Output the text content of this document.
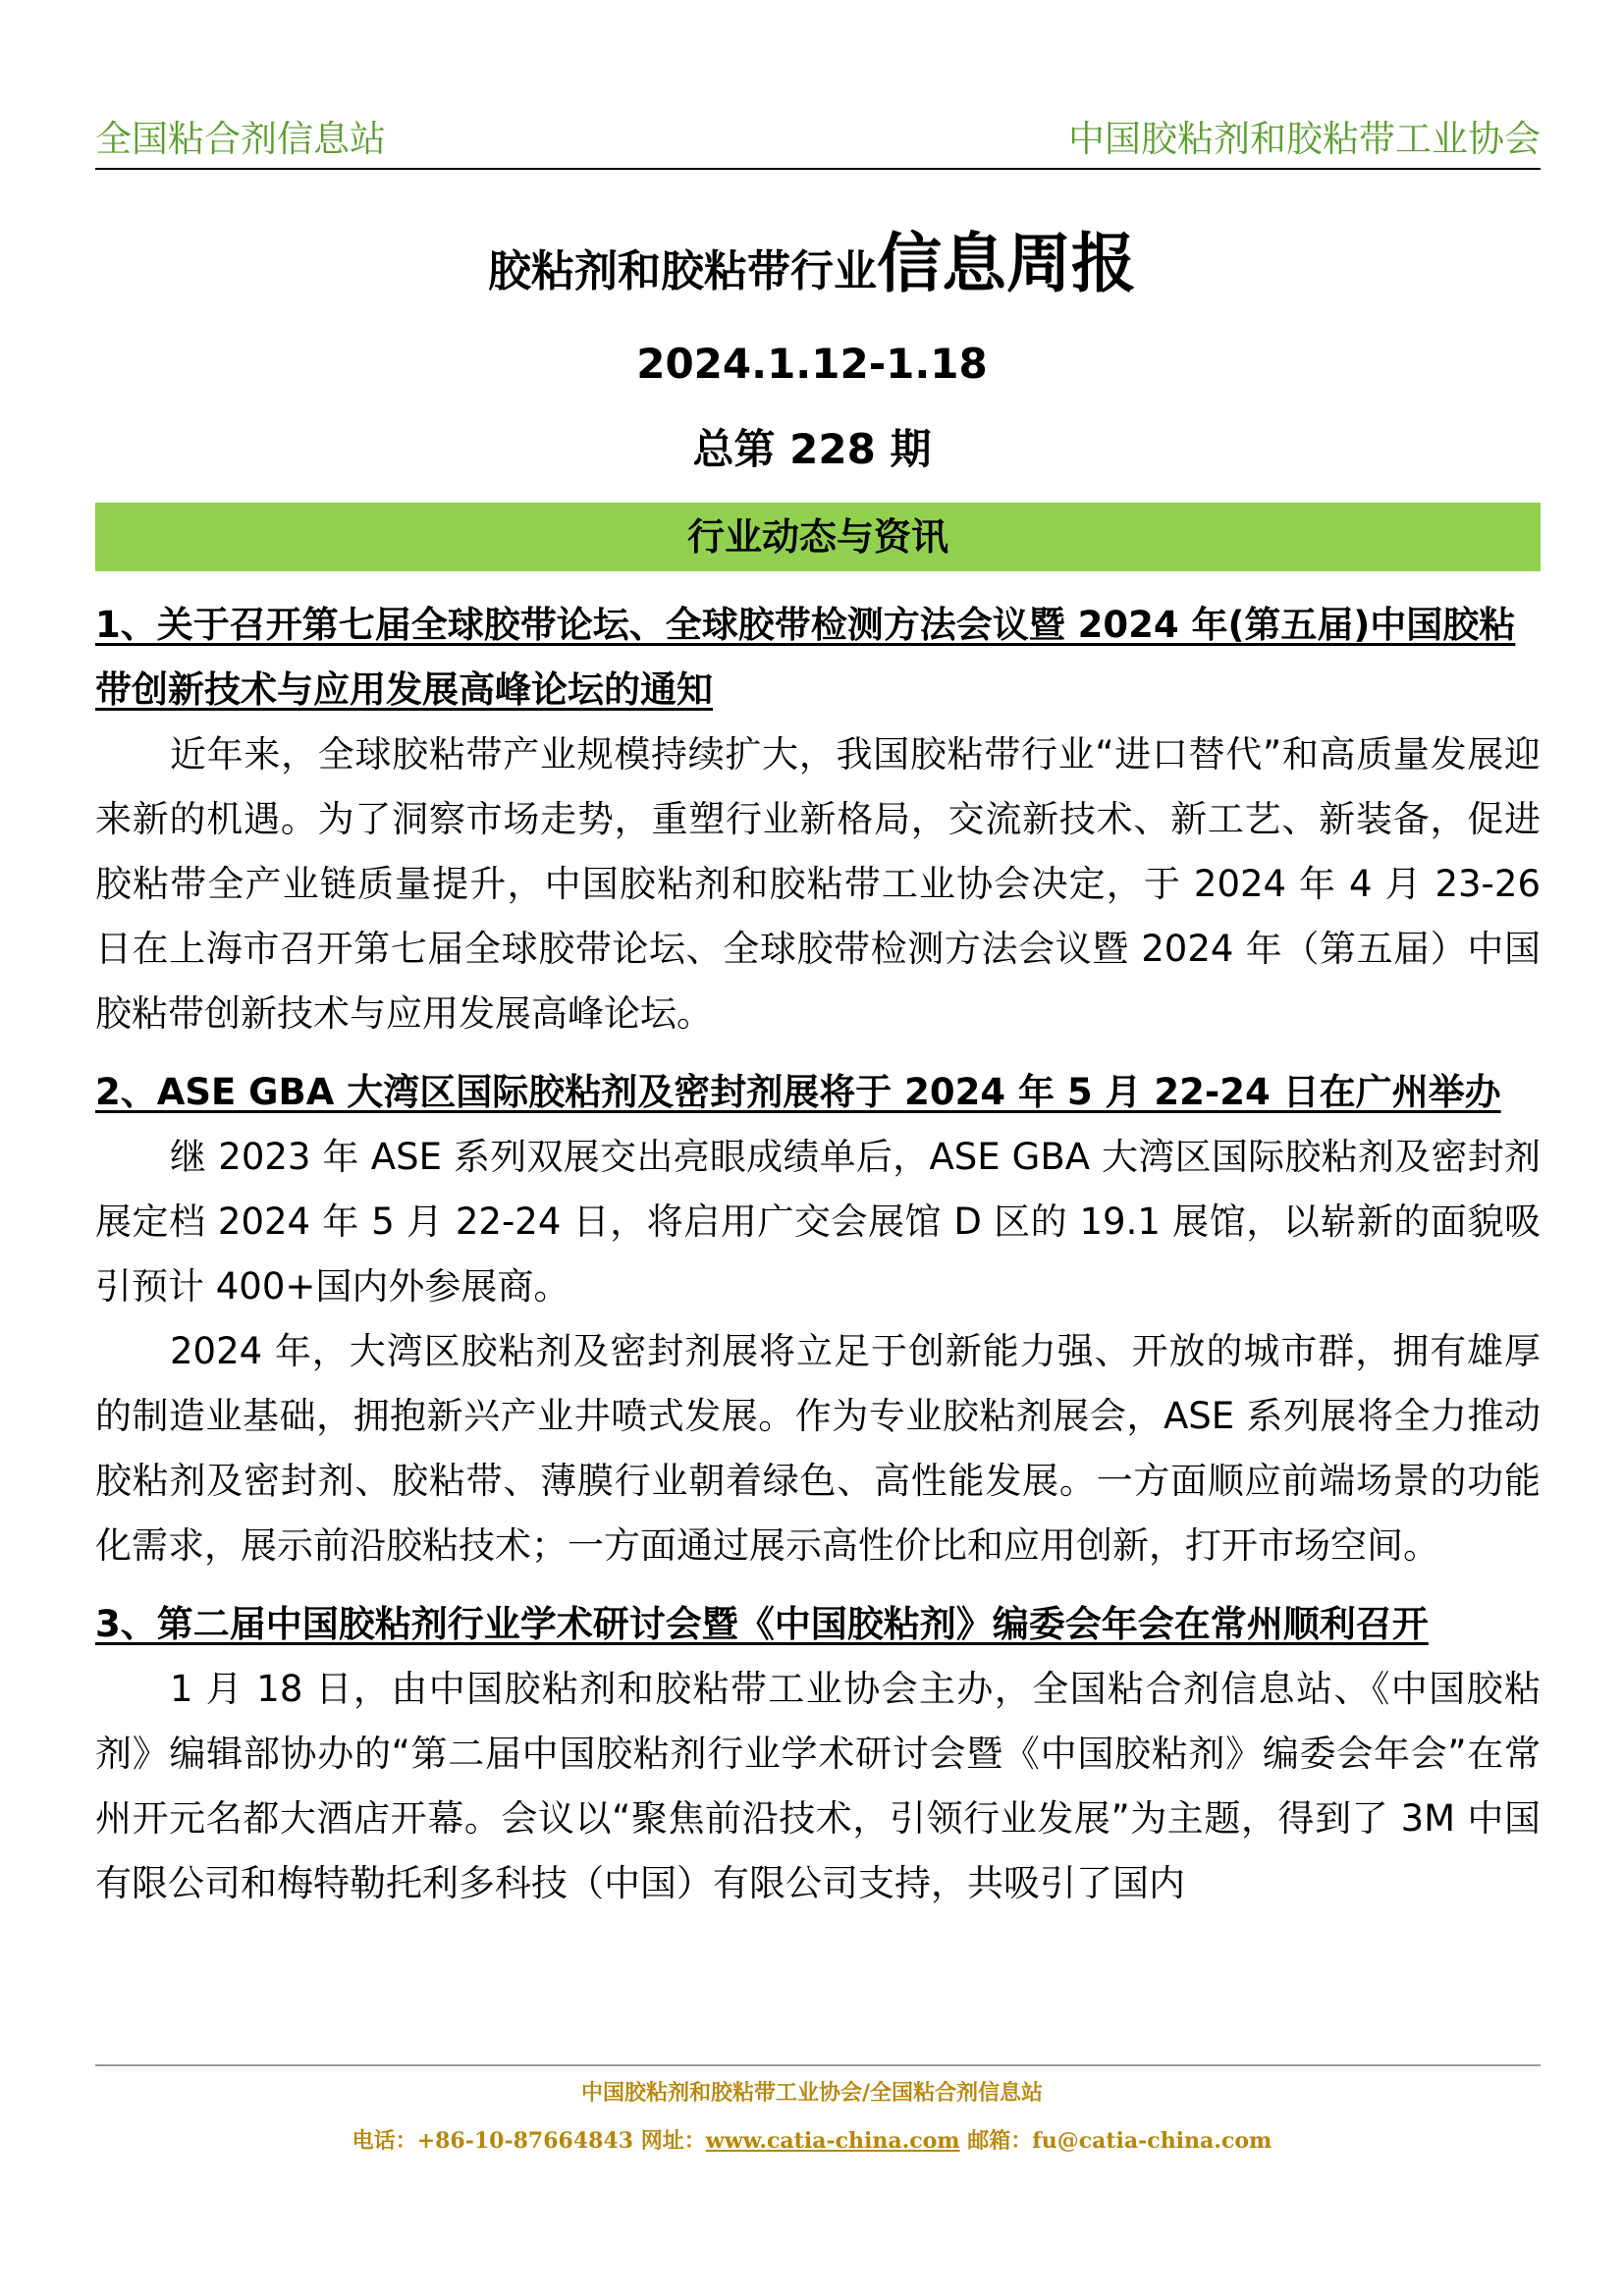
全国粘合剂信息站	中国胶粘剂和胶粘带工业协会
胶粘剂和胶粘带行业信息周报
2024.1.12-1.18
总第 228 期
行业动态与资讯

1、关于召开第七届全球胶带论坛、全球胶带检测方法会议暨 2024 年(第五届)中国胶粘带创新技术与应用发展高峰论坛的通知

近年来，全球胶粘带产业规模持续扩大，我国胶粘带行业“进口替代”和高质量发展迎来新的机遇。为了洞察市场走势，重塑行业新格局，交流新技术、新工艺、新装备，促进胶粘带全产业链质量提升，中国胶粘剂和胶粘带工业协会决定，于 2024 年 4 月 23-26 日在上海市召开第七届全球胶带论坛、全球胶带检测方法会议暨 2024 年（第五届）中国胶粘带创新技术与应用发展高峰论坛。

2、ASE GBA 大湾区国际胶粘剂及密封剂展将于 2024 年 5 月 22-24 日在广州举办

继 2023 年 ASE 系列双展交出亮眼成绩单后，ASE GBA 大湾区国际胶粘剂及密封剂展定档 2024 年 5 月 22-24 日，将启用广交会展馆 D 区的 19.1 展馆，以崭新的面貌吸引预计 400+国内外参展商。

2024 年，大湾区胶粘剂及密封剂展将立足于创新能力强、开放的城市群，拥有雄厚的制造业基础，拥抱新兴产业井喷式发展。作为专业胶粘剂展会，ASE 系列展将全力推动胶粘剂及密封剂、胶粘带、薄膜行业朝着绿色、高性能发展。一方面顺应前端场景的功能化需求，展示前沿胶粘技术；一方面通过展示高性价比和应用创新，打开市场空间。

3、第二届中国胶粘剂行业学术研讨会暨《中国胶粘剂》编委会年会在常州顺利召开

1 月 18 日，由中国胶粘剂和胶粘带工业协会主办，全国粘合剂信息站、《中国胶粘剂》编辑部协办的“第二届中国胶粘剂行业学术研讨会暨《中国胶粘剂》编委会年会”在常州开元名都大酒店开幕。会议以“聚焦前沿技术，引领行业发展”为主题，得到了 3M 中国有限公司和梅特勒托利多科技（中国）有限公司支持，共吸引了国内

中国胶粘剂和胶粘带工业协会/全国粘合剂信息站
电话：+86-10-87664843 网址：www.catia-china.com 邮箱：fu@catia-china.com
